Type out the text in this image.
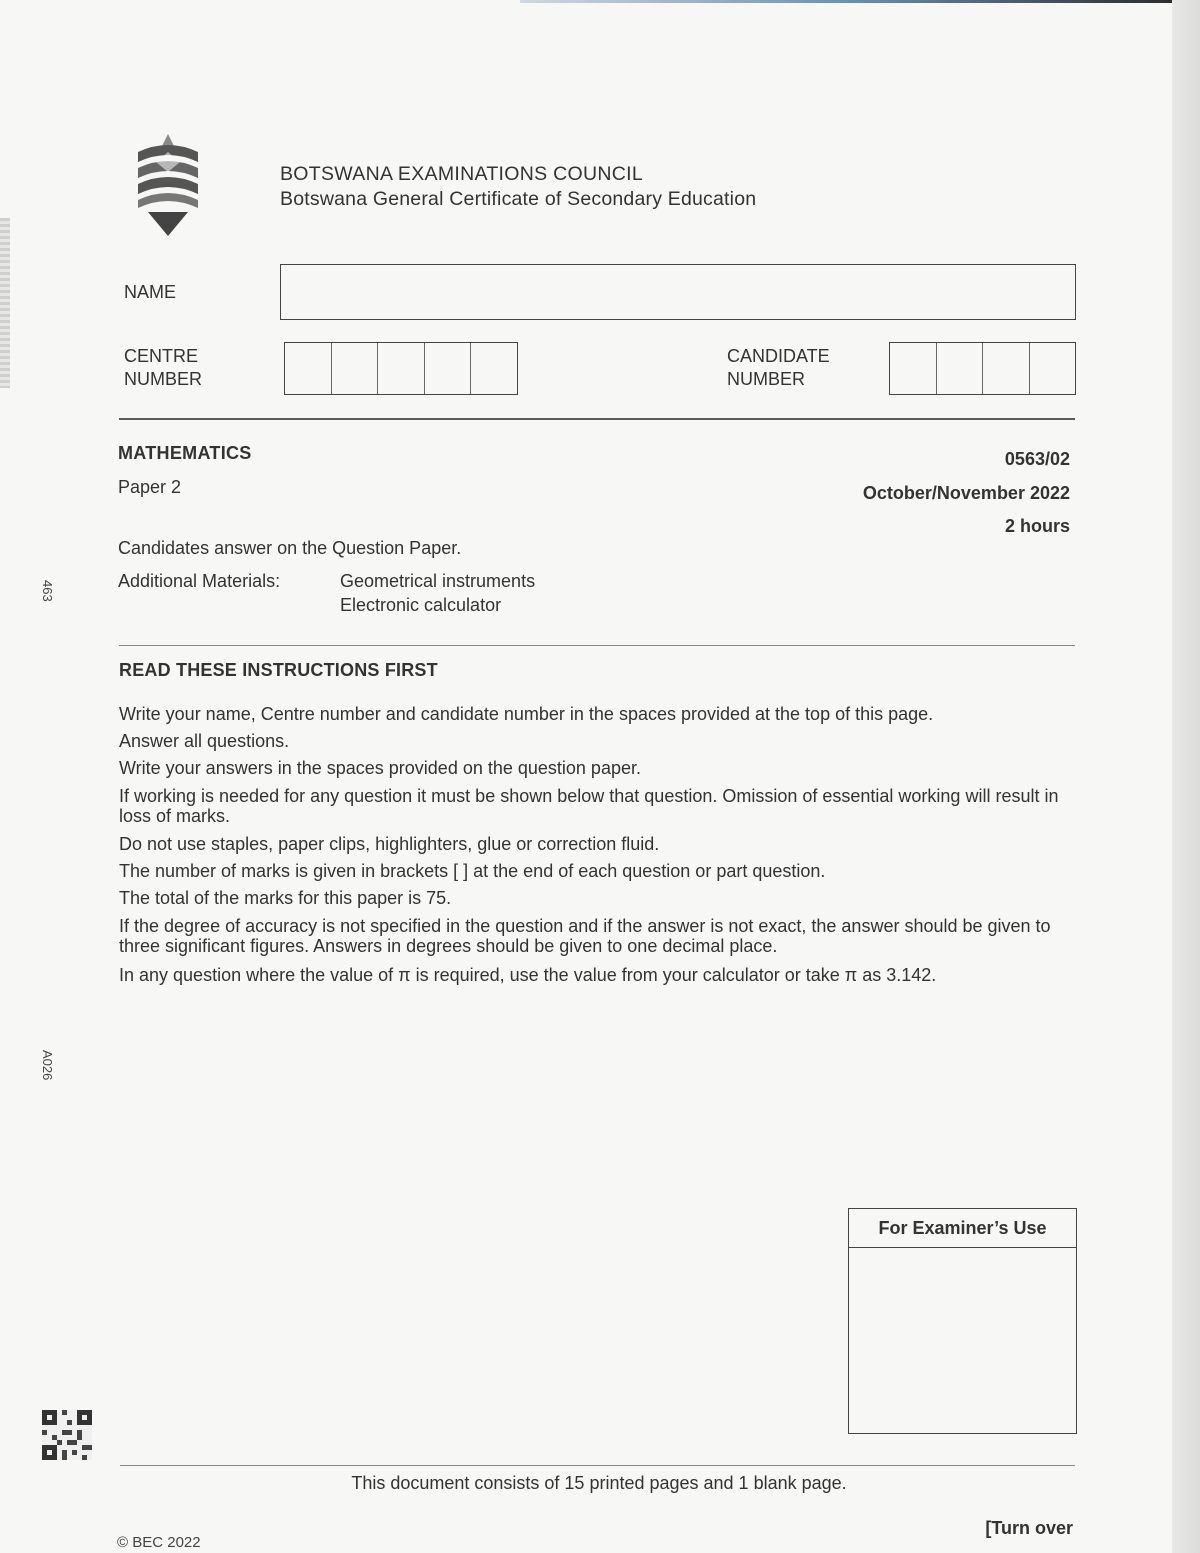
BOTSWANA EXAMINATIONS COUNCIL
Botswana General Certificate of Secondary Education
NAME
CENTRE
NUMBER
CANDIDATE
NUMBER
MATHEMATICS
Paper 2
0563/02
October/November 2022
2 hours
Candidates answer on the Question Paper.
Additional Materials:	Geometrical instruments
Electronic calculator
READ THESE INSTRUCTIONS FIRST
Write your name, Centre number and candidate number in the spaces provided at the top of this page.
Answer all questions.
Write your answers in the spaces provided on the question paper.
If working is needed for any question it must be shown below that question. Omission of essential working will result in loss of marks.
Do not use staples, paper clips, highlighters, glue or correction fluid.
The number of marks is given in brackets [ ] at the end of each question or part question.
The total of the marks for this paper is 75.
If the degree of accuracy is not specified in the question and if the answer is not exact, the answer should be given to three significant figures. Answers in degrees should be given to one decimal place.
In any question where the value of π is required, use the value from your calculator or take π as 3.142.
463
A026
For Examiner’s Use
This document consists of 15 printed pages and 1 blank page.
[Turn over
© BEC 2022
